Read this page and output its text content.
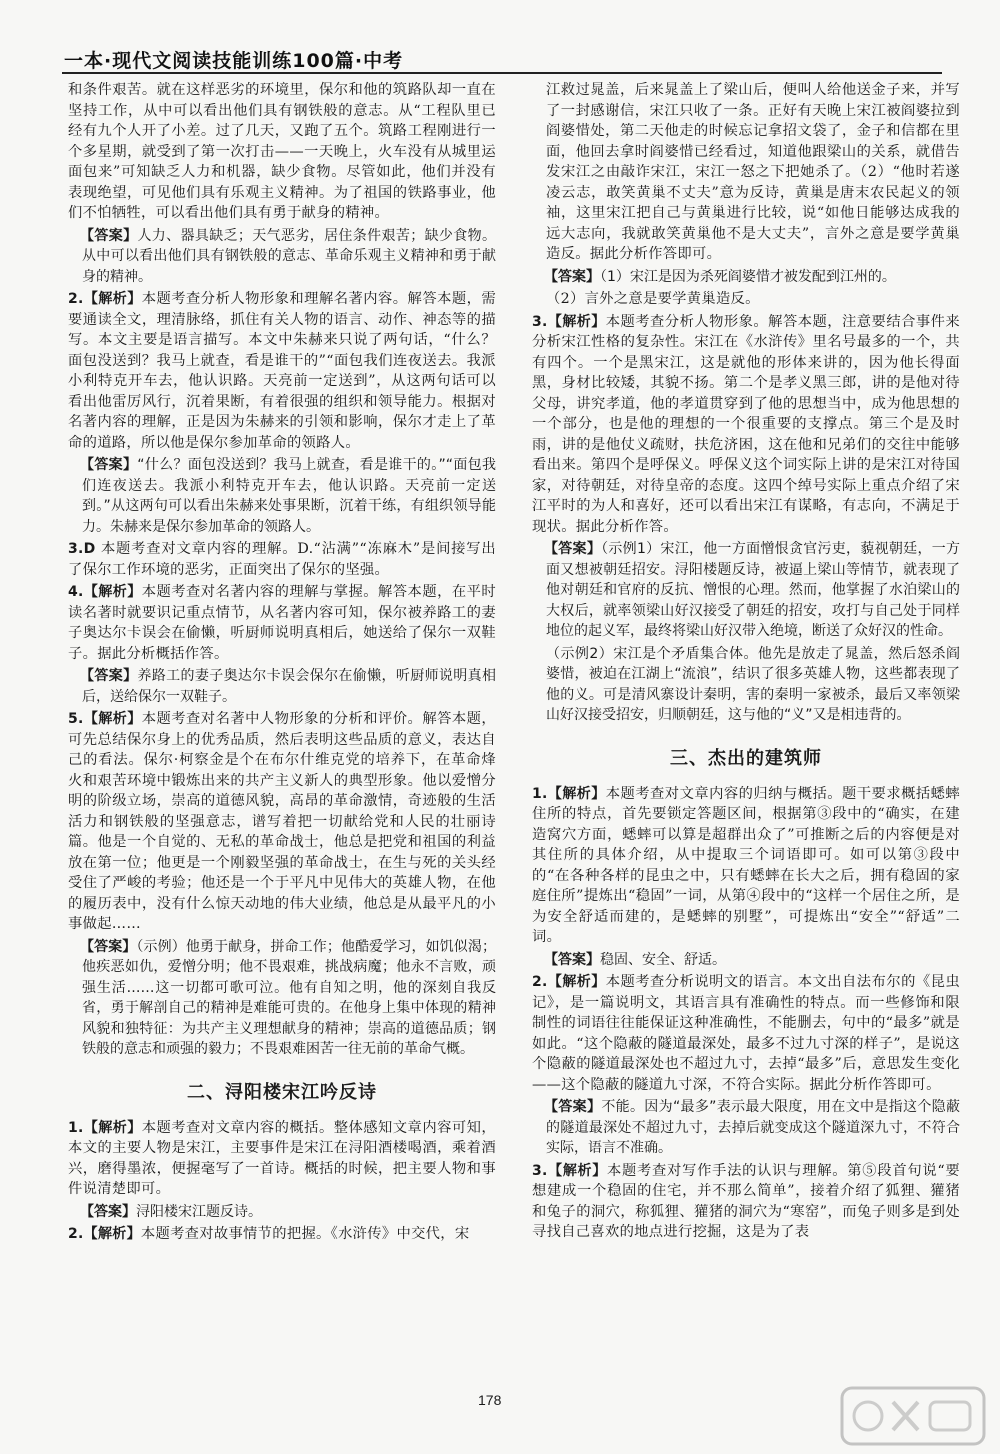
一本·现代文阅读技能训练100篇·中考

和条件艰苦。就在这样恶劣的环境里，保尔和他的筑路队却一直在坚持工作，从中可以看出他们具有钢铁般的意志。从“工程队里已经有九个人开了小差。过了几天，又跑了五个。筑路工程刚进行一个多星期，就受到了第一次打击——一天晚上，火车没有从城里运面包来”可知缺乏人力和机器，缺少食物。尽管如此，他们并没有表现绝望，可见他们具有乐观主义精神。为了祖国的铁路事业，他们不怕牺牲，可以看出他们具有勇于献身的精神。

【答案】人力、器具缺乏；天气恶劣，居住条件艰苦；缺少食物。从中可以看出他们具有钢铁般的意志、革命乐观主义精神和勇于献身的精神。

2.【解析】本题考查分析人物形象和理解名著内容。解答本题，需要通读全文，理清脉络，抓住有关人物的语言、动作、神态等的描写。本文主要是语言描写。本文中朱赫来只说了两句话，“什么？面包没送到？我马上就查，看是谁干的”“面包我们连夜送去。我派小利特克开车去，他认识路。天亮前一定送到”，从这两句话可以看出他雷厉风行，沉着果断，有着很强的组织和领导能力。根据对名著内容的理解，正是因为朱赫来的引领和影响，保尔才走上了革命的道路，所以他是保尔参加革命的领路人。

【答案】“什么？面包没送到？我马上就查，看是谁干的。”“面包我们连夜送去。我派小利特克开车去，他认识路。天亮前一定送到。”从这两句可以看出朱赫来处事果断，沉着干练，有组织领导能力。朱赫来是保尔参加革命的领路人。

3.D 本题考查对文章内容的理解。D.“沾满”“冻麻木”是间接写出了保尔工作环境的恶劣，正面突出了保尔的坚强。

4.【解析】本题考查对名著内容的理解与掌握。解答本题，在平时读名著时就要识记重点情节，从名著内容可知，保尔被养路工的妻子奥达尔卡误会在偷懒，听厨师说明真相后，她送给了保尔一双鞋子。据此分析概括作答。

【答案】养路工的妻子奥达尔卡误会保尔在偷懒，听厨师说明真相后，送给保尔一双鞋子。

5.【解析】本题考查对名著中人物形象的分析和评价。解答本题，可先总结保尔身上的优秀品质，然后表明这些品质的意义，表达自己的看法。保尔·柯察金是个在布尔什维克党的培养下，在革命烽火和艰苦环境中锻炼出来的共产主义新人的典型形象。他以爱憎分明的阶级立场，崇高的道德风貌，高昂的革命激情，奇迹般的生活活力和钢铁般的坚强意志，谱写着把一切献给党和人民的壮丽诗篇。他是一个自觉的、无私的革命战士，他总是把党和祖国的利益放在第一位；他更是一个刚毅坚强的革命战士，在生与死的关头经受住了严峻的考验；他还是一个于平凡中见伟大的英雄人物，在他的履历表中，没有什么惊天动地的伟大业绩，他总是从最平凡的小事做起……

【答案】（示例）他勇于献身，拼命工作；他酷爱学习，如饥似渴；他疾恶如仇，爱憎分明；他不畏艰难，挑战病魔；他永不言败，顽强生活……这一切都可歌可泣。他有自知之明，他的深刻自我反省，勇于解剖自己的精神是难能可贵的。在他身上集中体现的精神风貌和独特征：为共产主义理想献身的精神；崇高的道德品质；钢铁般的意志和顽强的毅力；不畏艰难困苦一往无前的革命气概。

二、浔阳楼宋江吟反诗

1.【解析】本题考查对文章内容的概括。整体感知文章内容可知，本文的主要人物是宋江，主要事件是宋江在浔阳酒楼喝酒，乘着酒兴，磨得墨浓，便握毫写了一首诗。概括的时候，把主要人物和事件说清楚即可。

【答案】浔阳楼宋江题反诗。

2.【解析】本题考查对故事情节的把握。《水浒传》中交代，宋

江救过晁盖，后来晁盖上了梁山后，便叫人给他送金子来，并写了一封感谢信，宋江只收了一条。正好有天晚上宋江被阎婆拉到阎婆惜处，第二天他走的时候忘记拿招文袋了，金子和信都在里面，他回去拿时阎婆惜已经看过，知道他跟梁山的关系，就借告发宋江之由敲诈宋江，宋江一怒之下把她杀了。（2）“他时若遂凌云志，敢笑黄巢不丈夫”意为反诗，黄巢是唐末农民起义的领袖，这里宋江把自己与黄巢进行比较，说“如他日能够达成我的远大志向，我就敢笑黄巢他不是大丈夫”，言外之意是要学黄巢造反。据此分析作答即可。

【答案】（1）宋江是因为杀死阎婆惜才被发配到江州的。

（2）言外之意是要学黄巢造反。

3.【解析】本题考查分析人物形象。解答本题，注意要结合事件来分析宋江性格的复杂性。宋江在《水浒传》里名号最多的一个，共有四个。一个是黑宋江，这是就他的形体来讲的，因为他长得面黑，身材比较矮，其貌不扬。第二个是孝义黑三郎，讲的是他对待父母，讲究孝道，他的孝道贯穿到了他的思想当中，成为他思想的一个部分，也是他的理想的一个很重要的支撑点。第三个是及时雨，讲的是他仗义疏财，扶危济困，这在他和兄弟们的交往中能够看出来。第四个是呼保义。呼保义这个词实际上讲的是宋江对待国家，对待朝廷，对待皇帝的态度。这四个绰号实际上重点介绍了宋江平时的为人和喜好，还可以看出宋江有谋略，有志向，不满足于现状。据此分析作答。

【答案】（示例1）宋江，他一方面憎恨贪官污吏，藐视朝廷，一方面又想被朝廷招安。浔阳楼题反诗，被逼上梁山等情节，就表现了他对朝廷和官府的反抗、憎恨的心理。然而，他掌握了水泊梁山的大权后，就率领梁山好汉接受了朝廷的招安，攻打与自己处于同样地位的起义军，最终将梁山好汉带入绝境，断送了众好汉的性命。

（示例2）宋江是个矛盾集合体。他先是放走了晁盖，然后怒杀阎婆惜，被迫在江湖上“流浪”，结识了很多英雄人物，这些都表现了他的义。可是清风寨设计秦明，害的秦明一家被杀，最后又率领梁山好汉接受招安，归顺朝廷，这与他的“义”又是相违背的。

三、杰出的建筑师

1.【解析】本题考查对文章内容的归纳与概括。题干要求概括蟋蟀住所的特点，首先要锁定答题区间，根据第③段中的“确实，在建造窝穴方面，蟋蟀可以算是超群出众了”可推断之后的内容便是对其住所的具体介绍，从中提取三个词语即可。如可以第③段中的“在各种各样的昆虫之中，只有蟋蟀在长大之后，拥有稳固的家庭住所”提炼出“稳固”一词，从第④段中的“这样一个居住之所，是为安全舒适而建的，是蟋蟀的别墅”，可提炼出“安全”“舒适”二词。

【答案】稳固、安全、舒适。

2.【解析】本题考查分析说明文的语言。本文出自法布尔的《昆虫记》，是一篇说明文，其语言具有准确性的特点。而一些修饰和限制性的词语往往能保证这种准确性，不能删去，句中的“最多”就是如此。“这个隐蔽的隧道最深处，最多不过九寸深的样子”，是说这个隐蔽的隧道最深处也不超过九寸，去掉“最多”后，意思发生变化——这个隐蔽的隧道九寸深，不符合实际。据此分析作答即可。

【答案】不能。因为“最多”表示最大限度，用在文中是指这个隐蔽的隧道最深处不超过九寸，去掉后就变成这个隧道深九寸，不符合实际，语言不准确。

3.【解析】本题考查对写作手法的认识与理解。第⑤段首句说“要想建成一个稳固的住宅，并不那么简单”，接着介绍了狐狸、獾猪和兔子的洞穴，称狐狸、獾猪的洞穴为“寒窑”，而兔子则多是到处寻找自己喜欢的地点进行挖掘，这是为了表

178
